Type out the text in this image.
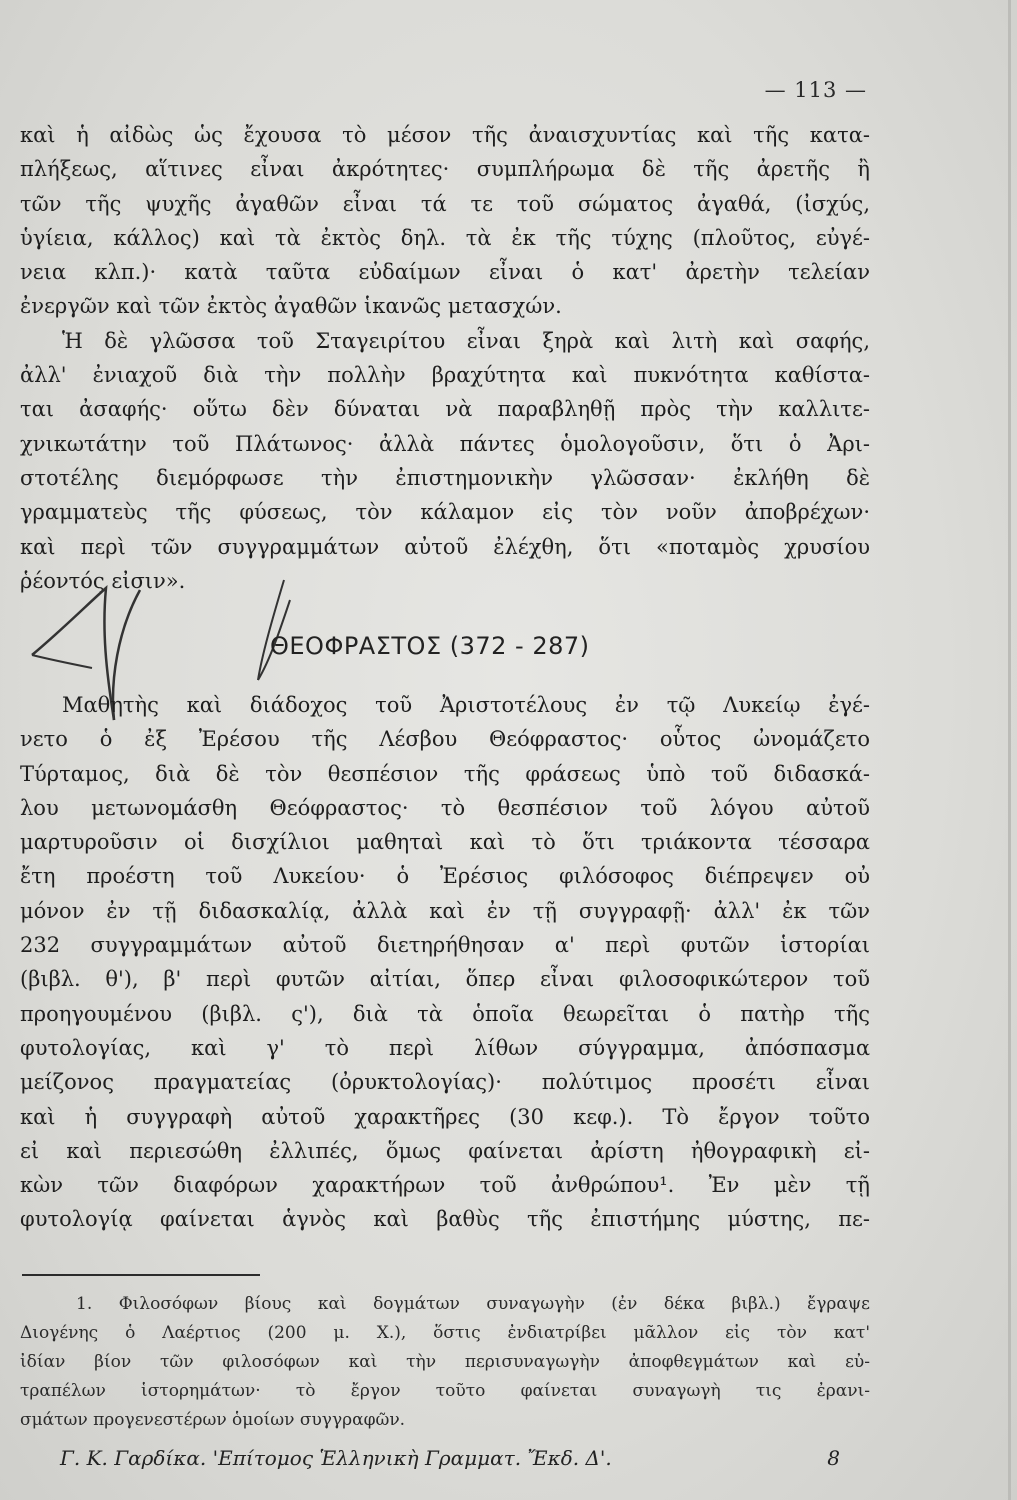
— 113 —
καὶ ἡ αἰδὼς ὡς ἔχουσα τὸ μέσον τῆς ἀναισχυντίας καὶ τῆς κατα-
πλήξεως, αἵτινες εἶναι ἀκρότητες· συμπλήρωμα δὲ τῆς ἀρετῆς ἢ
τῶν τῆς ψυχῆς ἀγαθῶν εἶναι τά τε τοῦ σώματος ἀγαθά, (ἰσχύς,
ὑγίεια, κάλλος) καὶ τὰ ἐκτὸς δηλ. τὰ ἐκ τῆς τύχης (πλοῦτος, εὐγέ-
νεια κλπ.)· κατὰ ταῦτα εὐδαίμων εἶναι ὁ κατ' ἀρετὴν τελείαν
ἐνεργῶν καὶ τῶν ἐκτὸς ἀγαθῶν ἱκανῶς μετασχών.
Ἡ δὲ γλῶσσα τοῦ Σταγειρίτου εἶναι ξηρὰ καὶ λιτὴ καὶ σαφής,
ἀλλ' ἐνιαχοῦ διὰ τὴν πολλὴν βραχύτητα καὶ πυκνότητα καθίστα-
ται ἀσαφής· οὕτω δὲν δύναται νὰ παραβληθῇ πρὸς τὴν καλλιτε-
χνικωτάτην τοῦ Πλάτωνος· ἀλλὰ πάντες ὁμολογοῦσιν, ὅτι ὁ Ἀρι-
στοτέλης διεμόρφωσε τὴν ἐπιστημονικὴν γλῶσσαν· ἐκλήθη δὲ
γραμματεὺς τῆς φύσεως, τὸν κάλαμον εἰς τὸν νοῦν ἀποβρέχων·
καὶ περὶ τῶν συγγραμμάτων αὐτοῦ ἐλέχθη, ὅτι «ποταμὸς χρυσίου
ῥέοντός εἰσιν».
ΘΕΟΦΡΑΣΤΟΣ (372 - 287)
Μαθητὴς καὶ διάδοχος τοῦ Ἀριστοτέλους ἐν τῷ Λυκείῳ ἐγέ-
νετο ὁ ἐξ Ἐρέσου τῆς Λέσβου Θεόφραστος· οὗτος ὠνομάζετο
Τύρταμος, διὰ δὲ τὸν θεσπέσιον τῆς φράσεως ὑπὸ τοῦ διδασκά-
λου μετωνομάσθη Θεόφραστος· τὸ θεσπέσιον τοῦ λόγου αὐτοῦ
μαρτυροῦσιν οἱ δισχίλιοι μαθηταὶ καὶ τὸ ὅτι τριάκοντα τέσσαρα
ἔτη προέστη τοῦ Λυκείου· ὁ Ἐρέσιος φιλόσοφος διέπρεψεν οὐ
μόνον ἐν τῇ διδασκαλίᾳ, ἀλλὰ καὶ ἐν τῇ συγγραφῇ· ἀλλ' ἐκ τῶν
232 συγγραμμάτων αὐτοῦ διετηρήθησαν α' περὶ φυτῶν ἱστορίαι
(βιβλ. θ'), β' περὶ φυτῶν αἰτίαι, ὅπερ εἶναι φιλοσοφικώτερον τοῦ
προηγουμένου (βιβλ. ς'), διὰ τὰ ὁποῖα θεωρεῖται ὁ πατὴρ τῆς
φυτολογίας, καὶ γ' τὸ περὶ λίθων σύγγραμμα, ἀπόσπασμα
μείζονος πραγματείας (ὀρυκτολογίας)· πολύτιμος προσέτι εἶναι
καὶ ἡ συγγραφὴ αὐτοῦ χαρακτῆρες (30 κεφ.). Τὸ ἔργον τοῦτο
εἰ καὶ περιεσώθη ἐλλιπές, ὅμως φαίνεται ἀρίστη ἠθογραφικὴ εἰ-
κὼν τῶν διαφόρων χαρακτήρων τοῦ ἀνθρώπου¹. Ἐν μὲν τῇ
φυτολογίᾳ φαίνεται ἁγνὸς καὶ βαθὺς τῆς ἐπιστήμης μύστης, πε-
1. Φιλοσόφων βίους καὶ δογμάτων συναγωγὴν (ἐν δέκα βιβλ.) ἔγραψε
Διογένης ὁ Λαέρτιος (200 μ. Χ.), ὅστις ἐνδιατρίβει μᾶλλον εἰς τὸν κατ'
ἰδίαν βίον τῶν φιλοσόφων καὶ τὴν περισυναγωγὴν ἀποφθεγμάτων καὶ εὐ-
τραπέλων ἱστορημάτων· τὸ ἔργον τοῦτο φαίνεται συναγωγὴ τις ἐρανι-
σμάτων προγενεστέρων ὁμοίων συγγραφῶν.
Γ. Κ. Γαρδίκα. 'Επίτομος Ἑλληνικὴ Γραμματ. Ἔκδ. Δ'.	8
